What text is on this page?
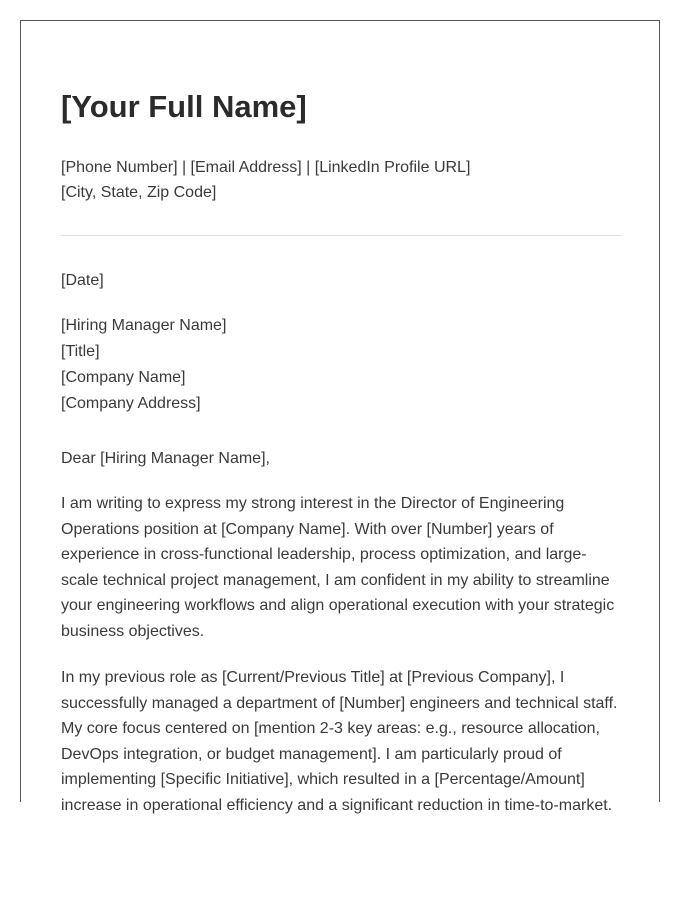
[Your Full Name]
[Phone Number] | [Email Address] | [LinkedIn Profile URL]
[City, State, Zip Code]
[Date]
[Hiring Manager Name]
[Title]
[Company Name]
[Company Address]
Dear [Hiring Manager Name],

I am writing to express my strong interest in the Director of Engineering Operations position at [Company Name]. With over [Number] years of experience in cross-functional leadership, process optimization, and large-scale technical project management, I am confident in my ability to streamline your engineering workflows and align operational execution with your strategic business objectives.

In my previous role as [Current/Previous Title] at [Previous Company], I successfully managed a department of [Number] engineers and technical staff. My core focus centered on [mention 2-3 key areas: e.g., resource allocation, DevOps integration, or budget management]. I am particularly proud of implementing [Specific Initiative], which resulted in a [Percentage/Amount] increase in operational efficiency and a significant reduction in time-to-market.
